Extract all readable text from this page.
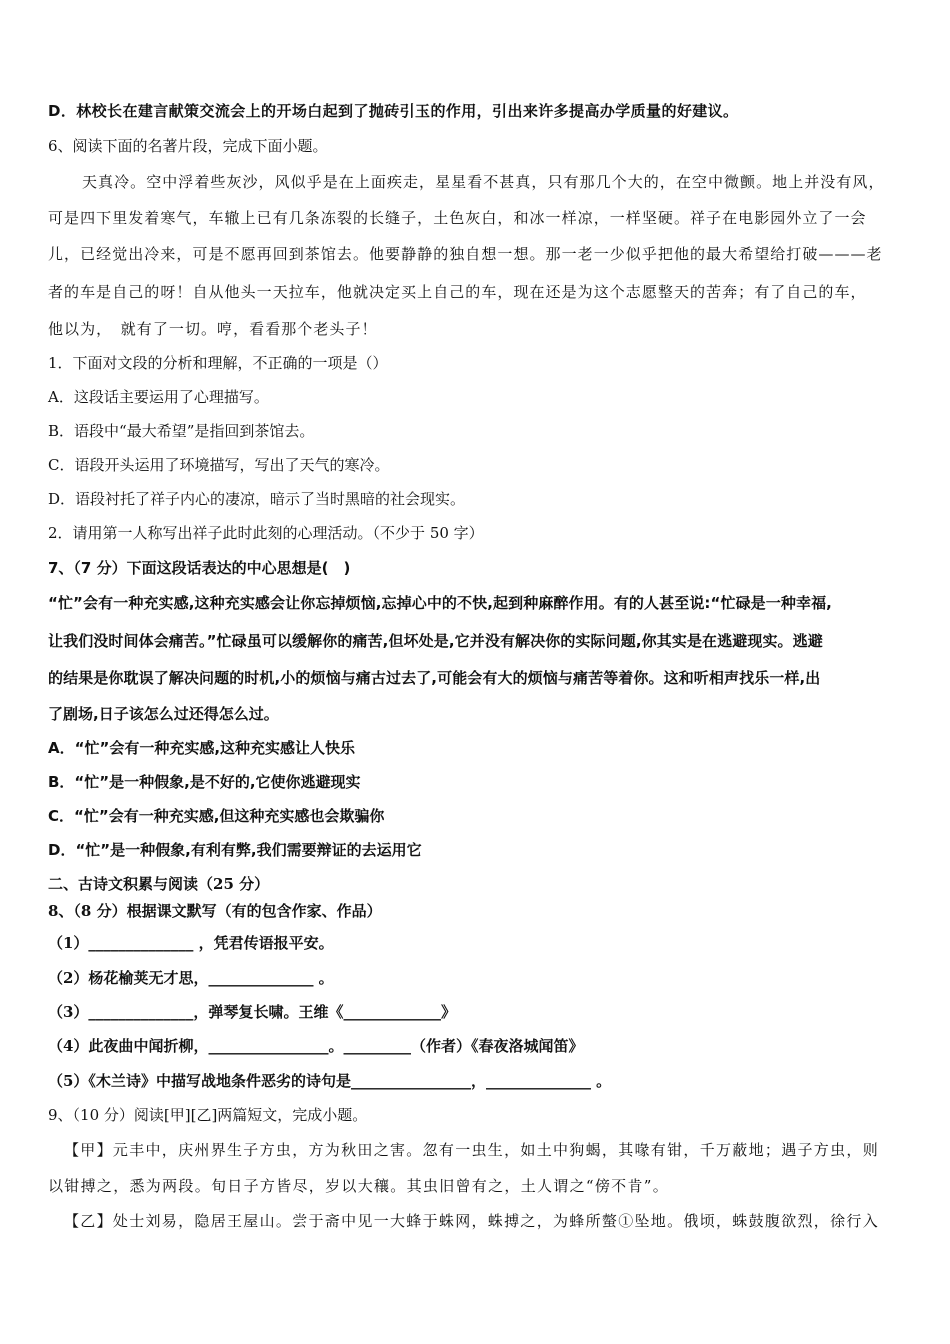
D．林校长在建言献策交流会上的开场白起到了抛砖引玉的作用，引出来许多提高办学质量的好建议。
6、阅读下面的名著片段，完成下面小题。
天真冷。空中浮着些灰沙，风似乎是在上面疾走，星星看不甚真，只有那几个大的，在空中微颤。地上并没有风，
可是四下里发着寒气，车辙上已有几条冻裂的长缝子，土色灰白，和冰一样凉，一样坚硬。祥子在电影园外立了一会
儿，已经觉出冷来，可是不愿再回到茶馆去。他要静静的独自想一想。那一老一少似乎把他的最大希望给打破———老
者的车是自己的呀！自从他头一天拉车，他就决定买上自己的车，现在还是为这个志愿整天的苦奔；有了自己的车，
他以为，　就有了一切。哼，看看那个老头子！
1．下面对文段的分析和理解，不正确的一项是（）
A．这段话主要运用了心理描写。
B．语段中“最大希望”是指回到茶馆去。
C．语段开头运用了环境描写，写出了天气的寒冷。
D．语段衬托了祥子内心的凄凉，暗示了当时黑暗的社会现实。
2．请用第一人称写出祥子此时此刻的心理活动。（不少于 50 字）
7、（7 分）下面这段话表达的中心思想是(　)
“忙”会有一种充实感,这种充实感会让你忘掉烦恼,忘掉心中的不快,起到种麻醉作用。有的人甚至说:“忙碌是一种幸福,
让我们没时间体会痛苦。”忙碌虽可以缓解你的痛苦,但坏处是,它并没有解决你的实际问题,你其实是在逃避现实。逃避
的结果是你耽误了解决问题的时机,小的烦恼与痛古过去了,可能会有大的烦恼与痛苦等着你。这和听相声找乐一样,出
了剧场,日子该怎么过还得怎么过。
A．“忙”会有一种充实感,这种充实感让人快乐
B．“忙”是一种假象,是不好的,它使你逃避现实
C．“忙”会有一种充实感,但这种充实感也会欺骗你
D．“忙”是一种假象,有利有弊,我们需要辩证的去运用它
二、古诗文积累与阅读（25 分）
8、（8 分）根据课文默写（有的包含作家、作品）
（1）______________ ，凭君传语报平安。
（2）杨花榆荚无才思，______________ 。
（3）______________，弹琴复长啸。王维《_____________》
（4）此夜曲中闻折柳，________________。_________（作者）《春夜洛城闻笛》
（5）《木兰诗》中描写战地条件恶劣的诗句是________________，______________ 。
9、（10 分）阅读[甲][乙]两篇短文，完成小题。
【甲】元丰中，庆州界生子方虫，方为秋田之害。忽有一虫生，如土中狗蝎，其喙有钳，千万蔽地；遇子方虫，则
以钳搏之，悉为两段。旬日子方皆尽，岁以大穰。其虫旧曾有之，土人谓之“傍不肯”。
【乙】处士刘易，隐居王屋山。尝于斋中见一大蜂于蛛网，蛛搏之，为蜂所螫①坠地。俄顷，蛛鼓腹欲烈，徐行入
